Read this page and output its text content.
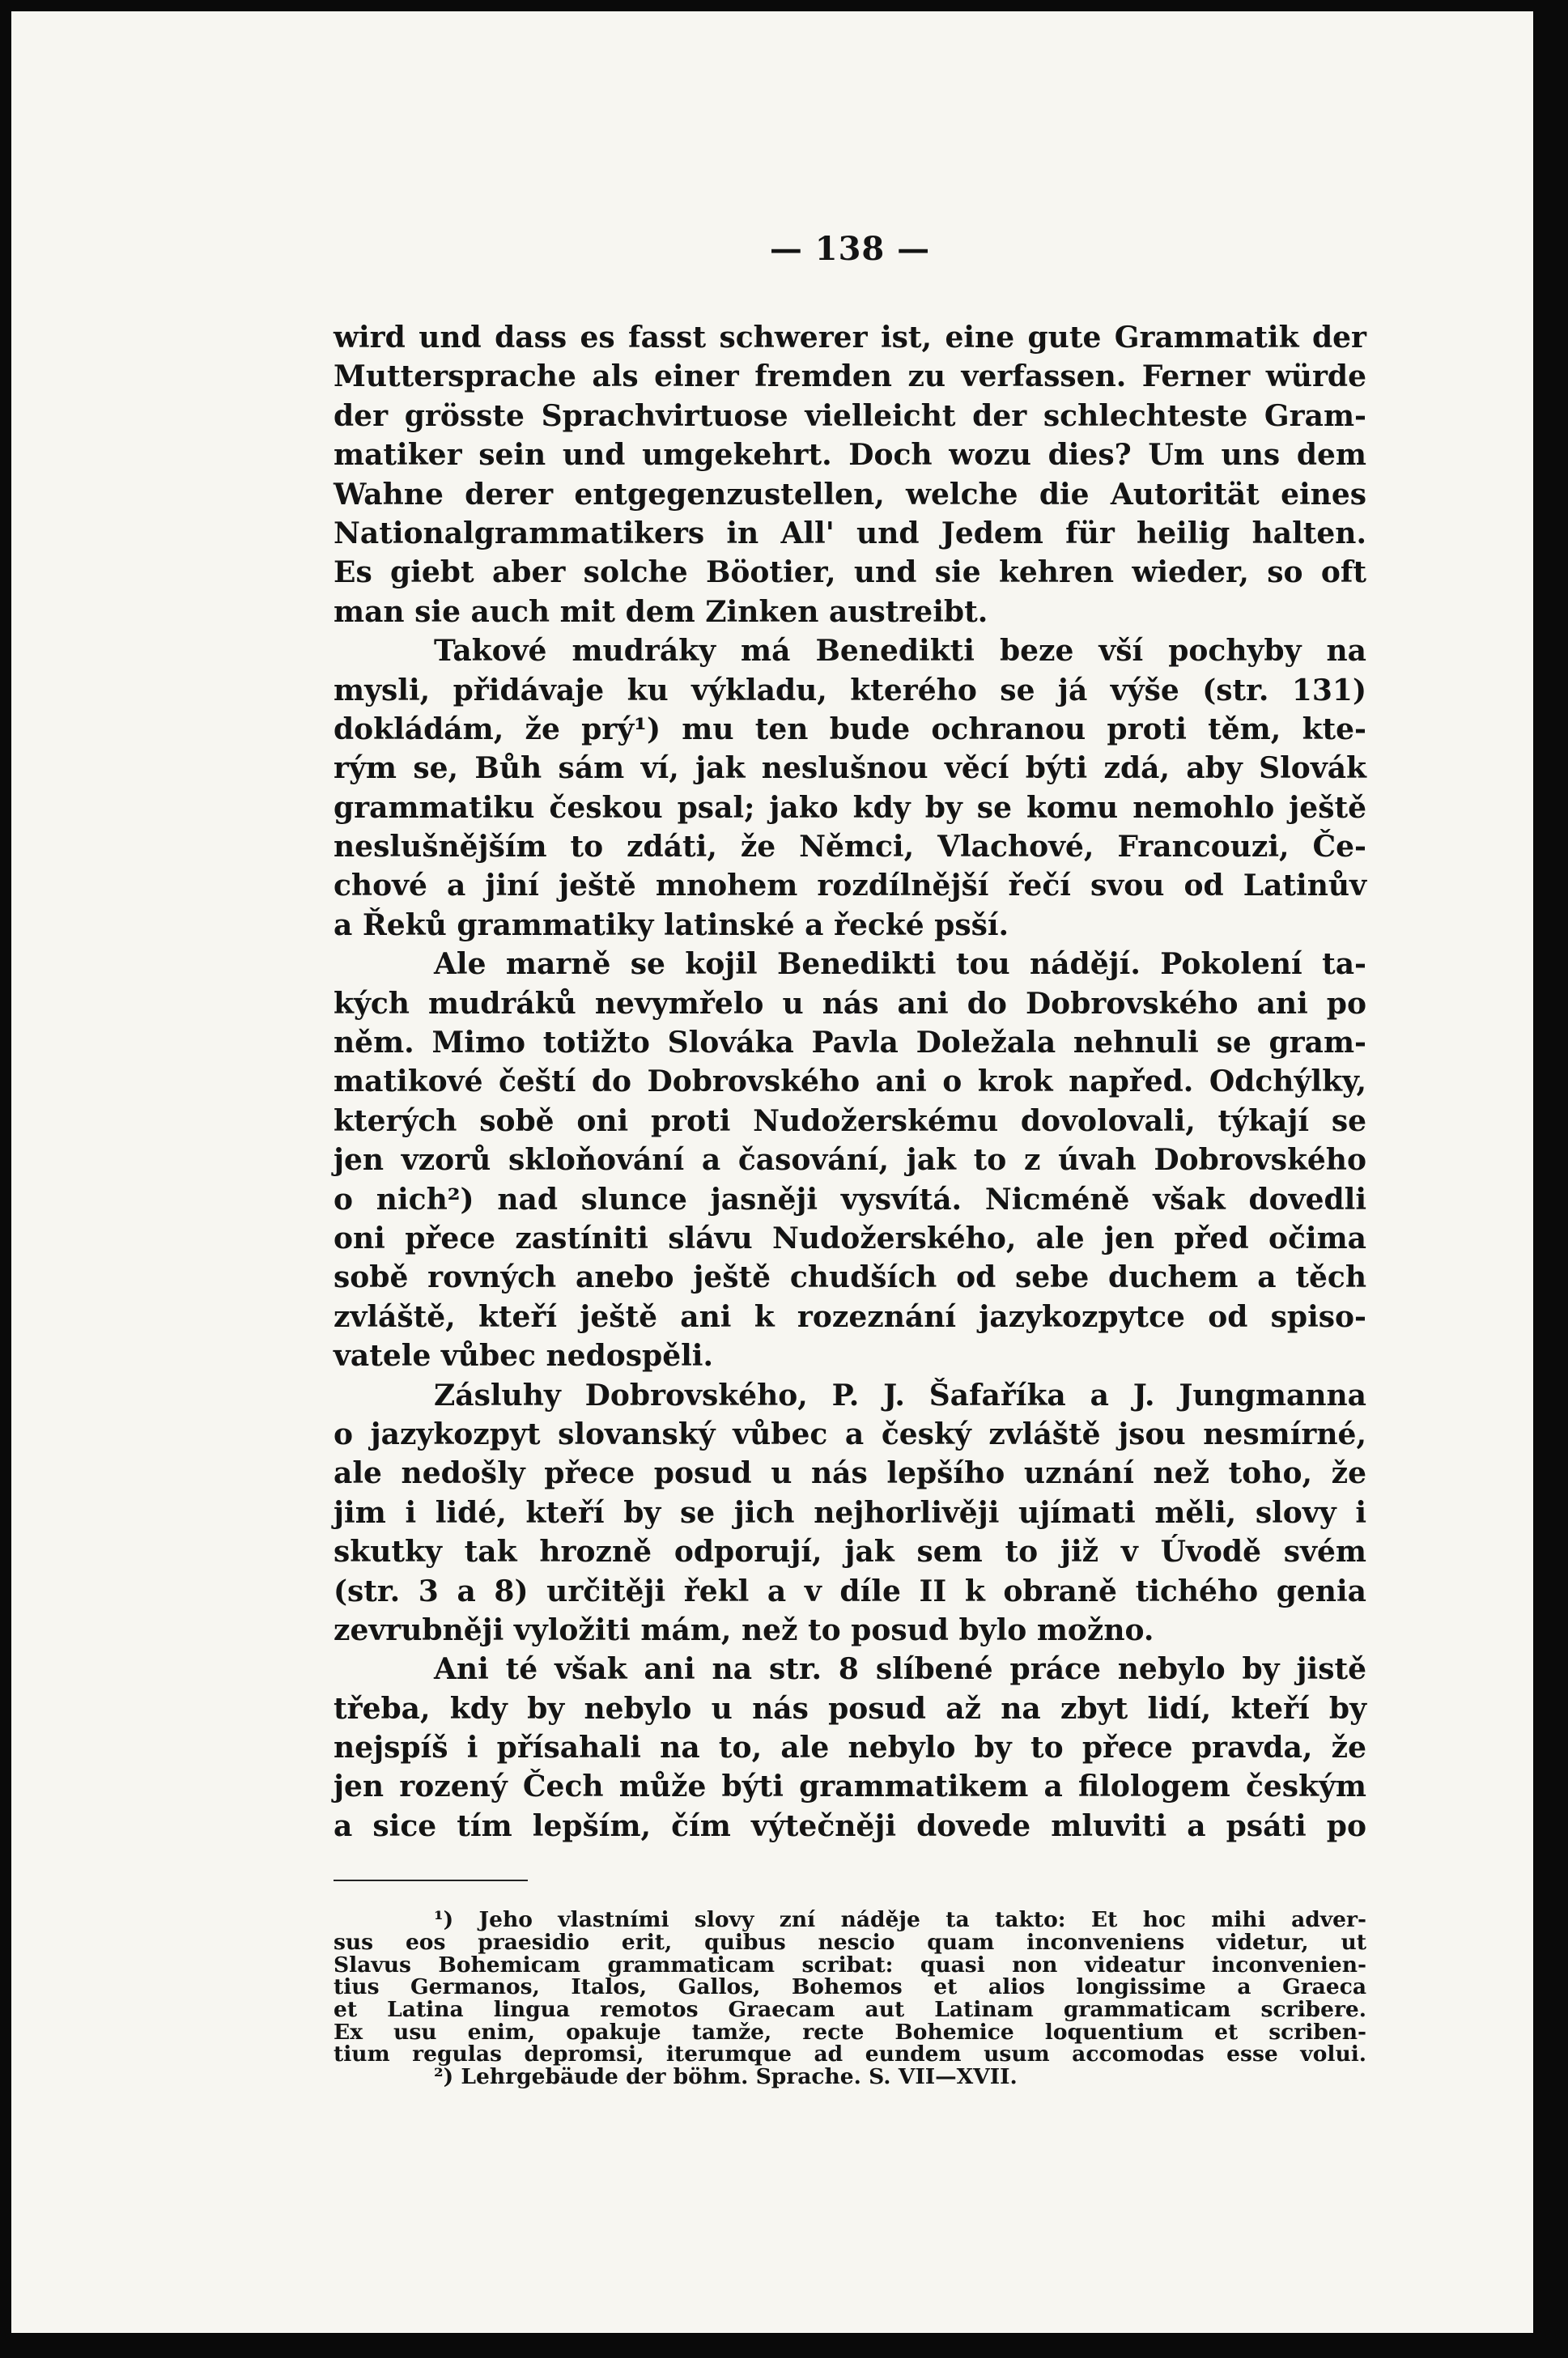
— 138 —
wird und dass es fasst schwerer ist, eine gute Grammatik der
Muttersprache als einer fremden zu verfassen. Ferner würde
der grösste Sprachvirtuose vielleicht der schlechteste Gram-
matiker sein und umgekehrt. Doch wozu dies? Um uns dem
Wahne derer entgegenzustellen, welche die Autorität eines
Nationalgrammatikers in All' und Jedem für heilig halten.
Es giebt aber solche Böotier, und sie kehren wieder, so oft
man sie auch mit dem Zinken austreibt.
Takové mudráky má Benedikti beze vší pochyby na
mysli, přidávaje ku výkladu, kterého se já výše (str. 131)
dokládám, že prý¹) mu ten bude ochranou proti těm, kte-
rým se, Bůh sám ví, jak neslušnou věcí býti zdá, aby Slovák
grammatiku českou psal; jako kdy by se komu nemohlo ještě
neslušnějším to zdáti, že Němci, Vlachové, Francouzi, Če-
chové a jiní ještě mnohem rozdílnější řečí svou od Latinův
a Řeků grammatiky latinské a řecké psší.
Ale marně se kojil Benedikti tou nádějí. Pokolení ta-
kých mudráků nevymřelo u nás ani do Dobrovského ani po
něm. Mimo totižto Slováka Pavla Doležala nehnuli se gram-
matikové čeští do Dobrovského ani o krok napřed. Odchýlky,
kterých sobě oni proti Nudožerskému dovolovali, týkají se
jen vzorů skloňování a časování, jak to z úvah Dobrovského
o nich²) nad slunce jasněji vysvítá. Nicméně však dovedli
oni přece zastíniti slávu Nudožerského, ale jen před očima
sobě rovných anebo ještě chudších od sebe duchem a těch
zvláště, kteří ještě ani k rozeznání jazykozpytce od spiso-
vatele vůbec nedospěli.
Zásluhy Dobrovského, P. J. Šafaříka a J. Jungmanna
o jazykozpyt slovanský vůbec a český zvláště jsou nesmírné,
ale nedošly přece posud u nás lepšího uznání než toho, že
jim i lidé, kteří by se jich nejhorlivěji ujímati měli, slovy i
skutky tak hrozně odporují, jak sem to již v Úvodě svém
(str. 3 a 8) určitěji řekl a v díle II k obraně tichého genia
zevrubněji vyložiti mám, než to posud bylo možno.
Ani té však ani na str. 8 slíbené práce nebylo by jistě
třeba, kdy by nebylo u nás posud až na zbyt lidí, kteří by
nejspíš i přísahali na to, ale nebylo by to přece pravda, že
jen rozený Čech může býti grammatikem a filologem českým
a sice tím lepším, čím výtečněji dovede mluviti a psáti po
¹) Jeho vlastními slovy zní náděje ta takto: Et hoc mihi adver-
sus eos praesidio erit, quibus nescio quam inconveniens videtur, ut
Slavus Bohemicam grammaticam scribat: quasi non videatur inconvenien-
tius Germanos, Italos, Gallos, Bohemos et alios longissime a Graeca
et Latina lingua remotos Graecam aut Latinam grammaticam scribere.
Ex usu enim, opakuje tamže, recte Bohemice loquentium et scriben-
tium regulas depromsi, iterumque ad eundem usum accomodas esse volui.
²) Lehrgebäude der böhm. Sprache. S. VII—XVII.
